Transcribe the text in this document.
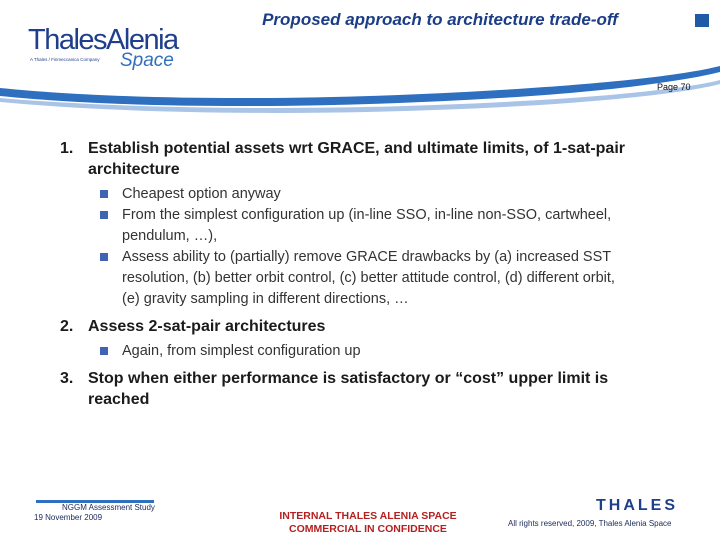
ThalesAlenia
A Thales / Finmeccanica Company Space
Proposed approach to architecture trade-off
Page 70
1. Establish potential assets wrt GRACE, and ultimate limits, of 1-sat-pair architecture
Cheapest option anyway
From the simplest configuration up (in-line SSO, in-line non-SSO, cartwheel, pendulum, …),
Assess ability to (partially) remove GRACE drawbacks by (a) increased SST resolution, (b) better orbit control, (c) better attitude control, (d) different orbit, (e) gravity sampling in different directions, …
2. Assess 2-sat-pair architectures
Again, from simplest configuration up
3. Stop when either performance is satisfactory or “cost” upper limit is reached
NGGM Assessment Study
19 November 2009	INTERNAL THALES ALENIA SPACE
COMMERCIAL IN CONFIDENCE
THALES
All rights reserved, 2009, Thales Alenia Space
